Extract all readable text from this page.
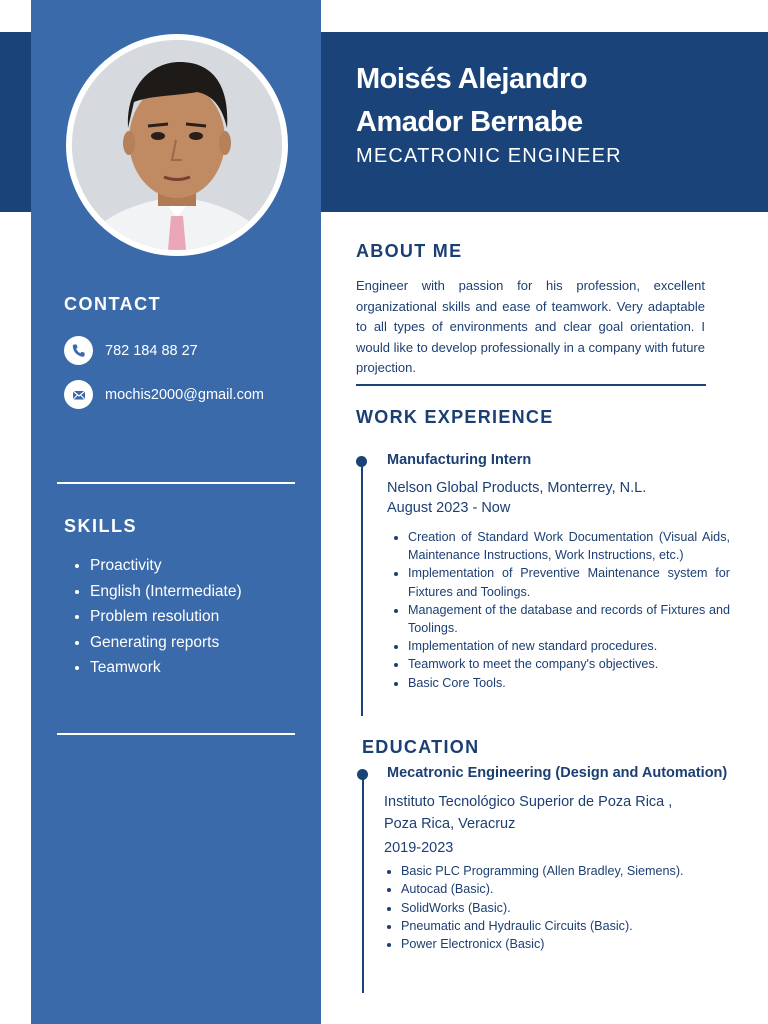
Moisés Alejandro
Amador Bernabe
MECATRONIC ENGINEER
CONTACT
782 184 88 27
mochis2000@gmail.com
SKILLS
• Proactivity
• English (Intermediate)
• Problem resolution
• Generating reports
• Teamwork
ABOUT ME
Engineer with passion for his profession, excellent organizational skills and ease of teamwork. Very adaptable to all types of environments and clear goal orientation. I would like to develop professionally in a company with future projection.
WORK EXPERIENCE
Manufacturing Intern
Nelson Global Products, Monterrey, N.L.
August 2023 - Now
• Creation of Standard Work Documentation (Visual Aids, Maintenance Instructions, Work Instructions, etc.)
• Implementation of Preventive Maintenance system for Fixtures and Toolings.
• Management of the database and records of Fixtures and Toolings.
• Implementation of new standard procedures.
• Teamwork to meet the company's objectives.
• Basic Core Tools.
EDUCATION
Mecatronic Engineering (Design and Automation)
Instituto Tecnológico Superior de Poza Rica ,
Poza Rica, Veracruz
2019-2023
• Basic PLC Programming (Allen Bradley, Siemens).
• Autocad (Basic).
• SolidWorks (Basic).
• Pneumatic and Hydraulic Circuits (Basic).
• Power Electronicx (Basic)
